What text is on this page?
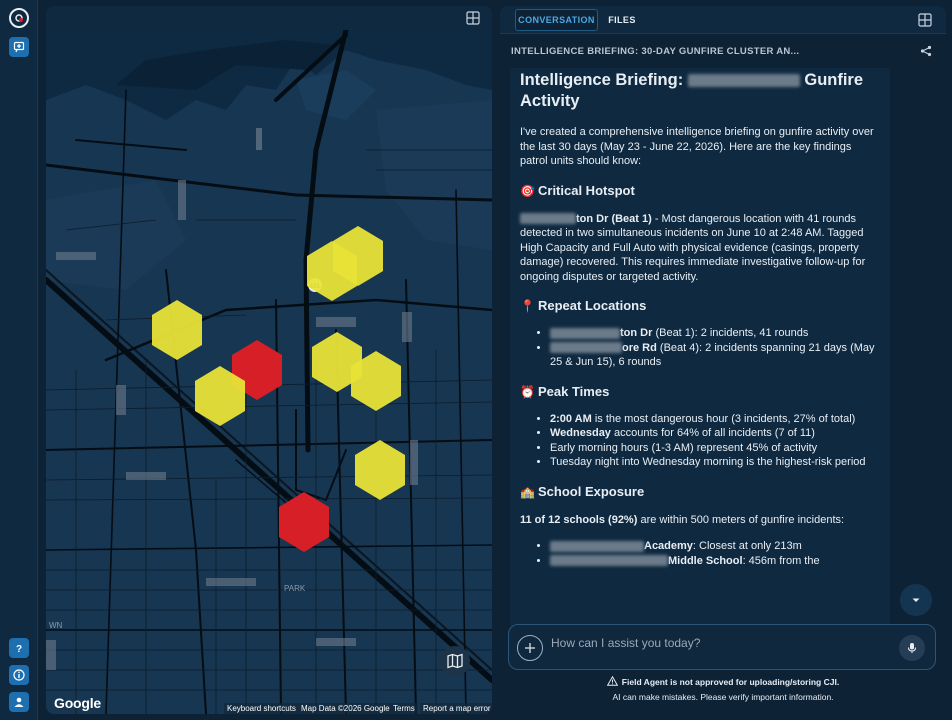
?
PARK
WN
Google	Keyboard shortcuts Map Data ©2026 Google Terms	Report a map error
CONVERSATION	FILES
INTELLIGENCE BRIEFING: 30-DAY GUNFIRE CLUSTER AN...
Intelligence Briefing:	Gunfire Activity

I've created a comprehensive intelligence briefing on gunfire activity over the last 30 days (May 23 - June 22, 2026). Here are the key findings patrol units should know:

🎯 Critical Hotspot

ton Dr (Beat 1) - Most dangerous location with 41 rounds detected in two simultaneous incidents on June 10 at 2:48 AM. Tagged High Capacity and Full Auto with physical evidence (casings, property damage) recovered. This requires immediate investigative follow-up for ongoing disputes or targeted activity.

📍 Repeat Locations
• ton Dr (Beat 1): 2 incidents, 41 rounds
• ore Rd (Beat 4): 2 incidents spanning 21 days (May 25 & Jun 15), 6 rounds
⏰ Peak Times
• 2:00 AM is the most dangerous hour (3 incidents, 27% of total)
• Wednesday accounts for 64% of all incidents (7 of 11)
• Early morning hours (1-3 AM) represent 45% of activity
• Tuesday night into Wednesday morning is the highest-risk period
🏫 School Exposure

11 of 12 schools (92%) are within 500 meters of gunfire incidents:

• Academy: Closest at only 213m
• Middle School: 456m from the
How can I assist you today?
Field Agent is not approved for uploading/storing CJI.
AI can make mistakes. Please verify important information.
